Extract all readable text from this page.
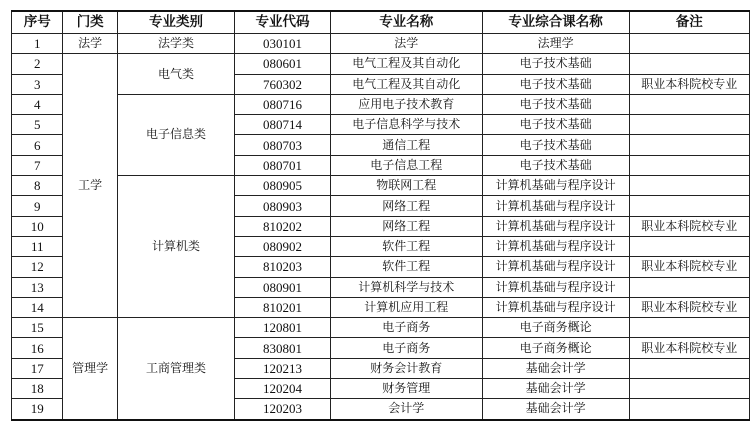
序号	门类	专业类别	专业代码	专业名称	专业综合课名称	备注
1	法学	法学类	030101	法学	法理学	
2	工学	电气类	080601	电气工程及其自动化	电子技术基础	
3			760302	电气工程及其自动化	电子技术基础	职业本科院校专业
4		电子信息类	080716	应用电子技术教育	电子技术基础	
5			080714	电子信息科学与技术	电子技术基础	
6			080703	通信工程	电子技术基础	
7			080701	电子信息工程	电子技术基础	
8		计算机类	080905	物联网工程	计算机基础与程序设计	
9			080903	网络工程	计算机基础与程序设计	
10			810202	网络工程	计算机基础与程序设计	职业本科院校专业
11			080902	软件工程	计算机基础与程序设计	
12			810203	软件工程	计算机基础与程序设计	职业本科院校专业
13			080901	计算机科学与技术	计算机基础与程序设计	
14			810201	计算机应用工程	计算机基础与程序设计	职业本科院校专业
15	管理学	工商管理类	120801	电子商务	电子商务概论	
16			830801	电子商务	电子商务概论	职业本科院校专业
17			120213	财务会计教育	基础会计学	
18			120204	财务管理	基础会计学	
19			120203	会计学	基础会计学	
